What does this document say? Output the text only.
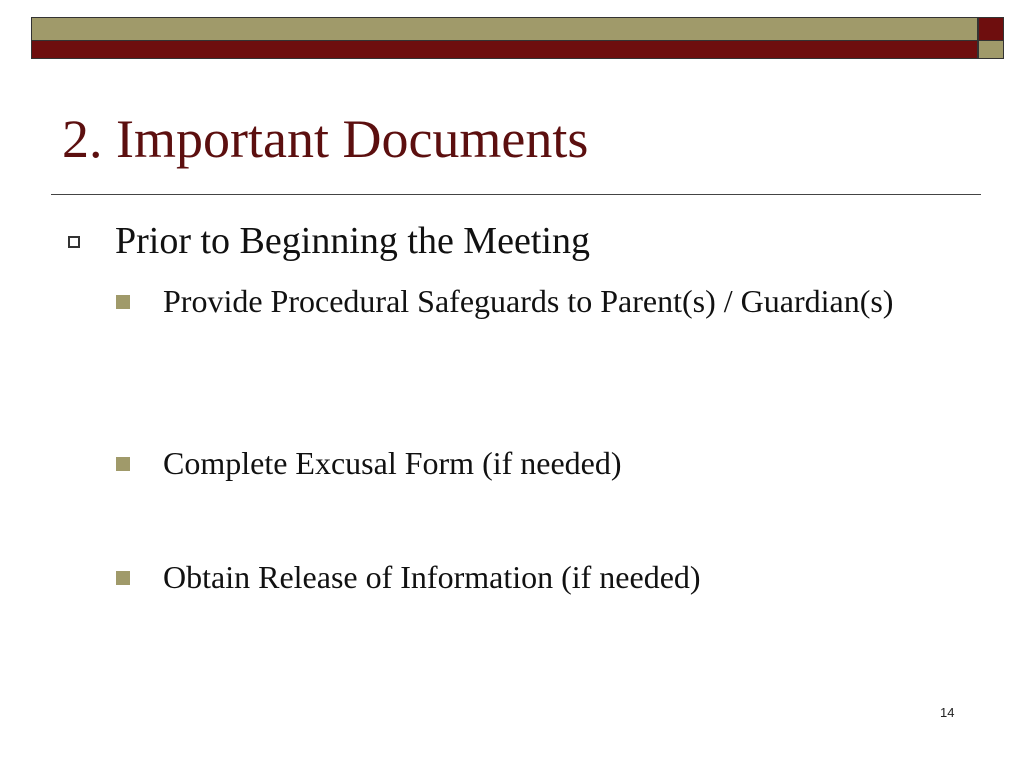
2. Important Documents
Prior to Beginning the Meeting
Provide Procedural Safeguards to Parent(s) / Guardian(s)
Complete Excusal Form (if needed)
Obtain Release of Information (if needed)
14
